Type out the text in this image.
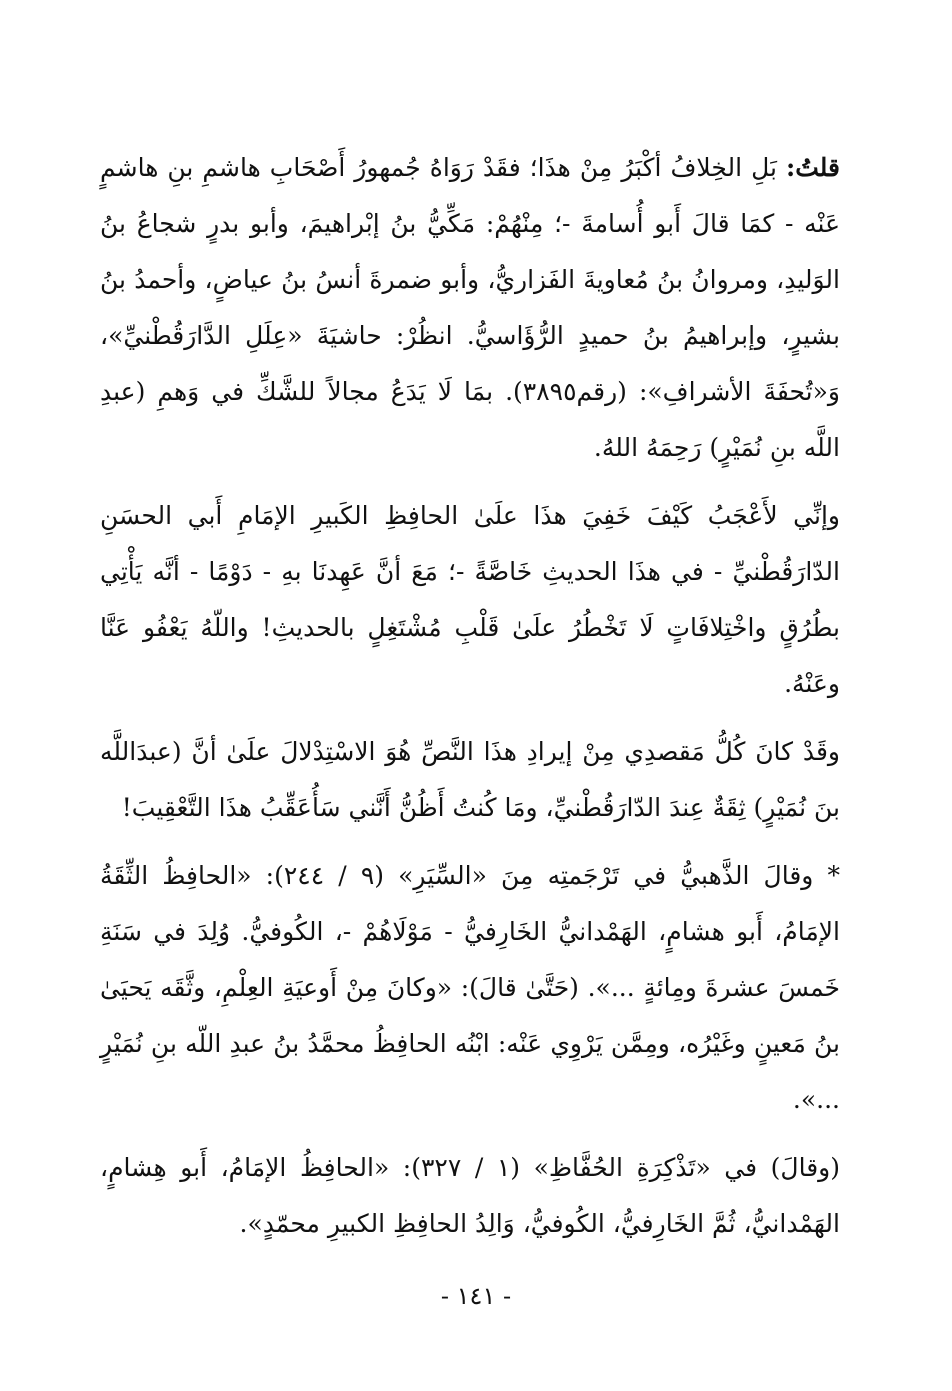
قلتُ: بَلِ الخِلافُ أكْبَرُ مِنْ هذَا؛ فقَدْ رَوَاهُ جُمهورُ أَصْحَابِ هاشمِ بنِ هاشمٍ عَنْه - كمَا قالَ أَبو أُسامةَ -؛ مِنْهُمْ: مَكِّيُّ بنُ إبْراهيمَ، وأبو بدرٍ شجاعُ بنُ الوَليدِ، ومروانُ بنُ مُعاويةَ الفَزاريُّ، وأبو ضمرةَ أنسُ بنُ عياضٍ، وأحمدُ بنُ بشيرٍ، وإبراهيمُ بنُ حميدٍ الرُّؤَاسيُّ. انظُرْ: حاشيَةَ «عِلَلِ الدَّارَقُطْنيِّ»، وَ«تُحفَةَ الأشرافِ»: (رقم٣٨٩٥). بمَا لَا يَدَعُ مجالاً للشَّكِّ في وَهمِ (عبدِ اللَّه بنِ نُمَيْرٍ) رَحِمَهُ اللهُ.

وإنِّي لأَعْجَبُ كَيْفَ خَفِيَ هذَا علَىٰ الحافِظِ الكَبيرِ الإمَامِ أَبي الحسَنِ الدّارَقُطْنيِّ - في هذَا الحديثِ خَاصَّةً -؛ مَعَ أنَّ عَهِدنَا بهِ - دَوْمًا - أنَّه يَأْتِي بطُرُقٍ واخْتِلافَاتٍ لَا تَخْطُرُ علَىٰ قَلْبِ مُشْتَغِلٍ بالحديثِ! واللّهُ يَعْفُو عَنَّا وعَنْهُ.

وقَدْ كانَ كُلُّ مَقصدِي مِنْ إيرادِ هذَا النَّصِّ هُوَ الاسْتِدْلالَ علَىٰ أنَّ (عبدَاللَّه بنَ نُمَيْرٍ) ثِقَةٌ عِندَ الدّارَقُطْنيِّ، ومَا كُنتُ أَظُنُّ أَنَّني سَأُعَقِّبُ هذَا التَّعْقِيبَ!

* وقالَ الذَّهبيُّ في تَرْجَمتِه مِنَ «السِّيَرِ» (٩ / ٢٤٤): «الحافِظُ الثِّقَةُ الإمَامُ، أَبو هشامٍ، الهَمْدانيُّ الخَارِفيُّ - مَوْلَاهُمْ -، الكُوفيُّ. وُلِدَ في سَنَةِ خَمسَ عشرةَ ومِائةٍ ...». (حَتَّىٰ قالَ): «وكانَ مِنْ أَوعيَةِ العِلْمِ، وثَّقَه يَحيَىٰ بنُ مَعينٍ وغَيْرُه، ومِمَّن يَرْوِي عَنْه: ابْنُه الحافِظُ محمَّدُ بنُ عبدِ اللّه بنِ نُمَيْرٍ ...».

(وقالَ) في «تَذْكِرَةِ الحُفَّاظِ» (١ / ٣٢٧): «الحافِظُ الإمَامُ، أَبو هِشامٍ، الهَمْدانيُّ، ثُمَّ الخَارِفيُّ، الكُوفيُّ، وَالِدُ الحافِظِ الكبيرِ محمّدٍ».

- ١٤١ -
